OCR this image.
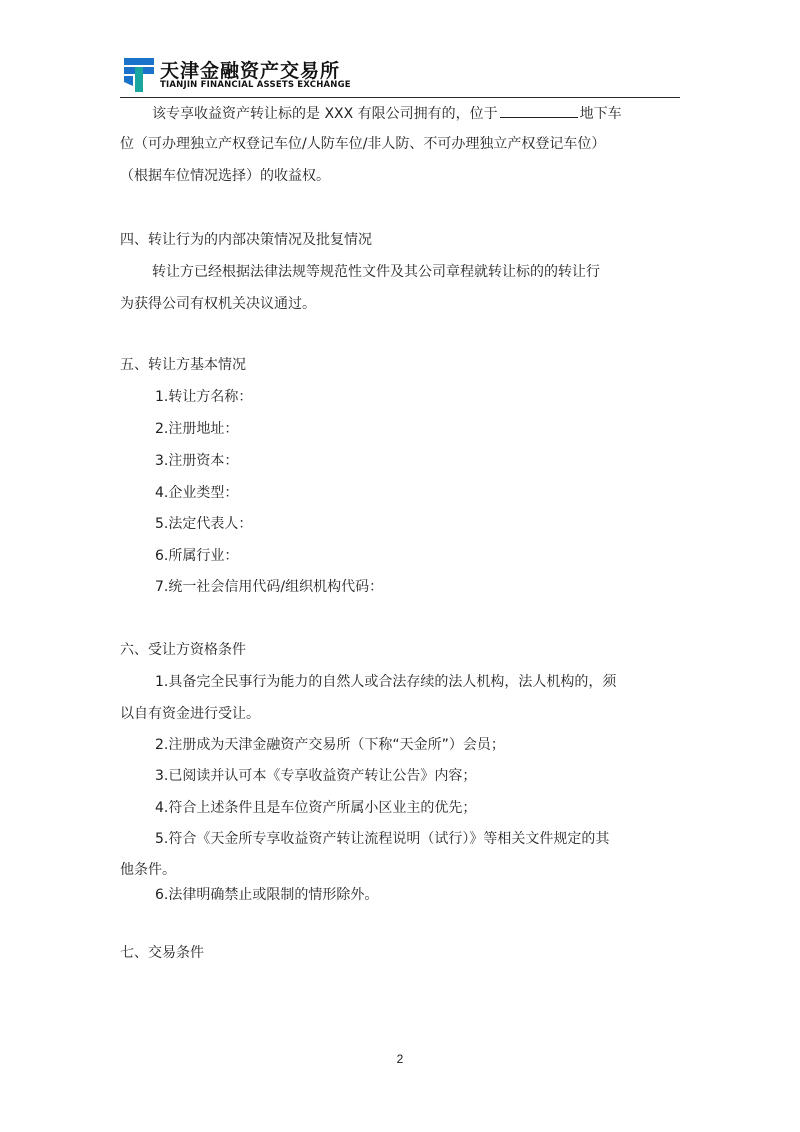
天津金融资产交易所
TIANJIN FINANCIAL ASSETS EXCHANGE
该专享收益资产转让标的是 XXX 有限公司拥有的，位于	地下车
位（可办理独立产权登记车位/人防车位/非人防、不可办理独立产权登记车位）
（根据车位情况选择）的收益权。
四、转让行为的内部决策情况及批复情况
转让方已经根据法律法规等规范性文件及其公司章程就转让标的的转让行
为获得公司有权机关决议通过。
五、转让方基本情况
1.转让方名称：
2.注册地址：
3.注册资本：
4.企业类型：
5.法定代表人：
6.所属行业：
7.统一社会信用代码/组织机构代码：
六、受让方资格条件
1.具备完全民事行为能力的自然人或合法存续的法人机构，法人机构的，须
以自有资金进行受让。
2.注册成为天津金融资产交易所（下称“天金所”）会员；
3.已阅读并认可本《专享收益资产转让公告》内容；
4.符合上述条件且是车位资产所属小区业主的优先；
5.符合《天金所专享收益资产转让流程说明（试行）》等相关文件规定的其
他条件。
6.法律明确禁止或限制的情形除外。
七、交易条件
2
